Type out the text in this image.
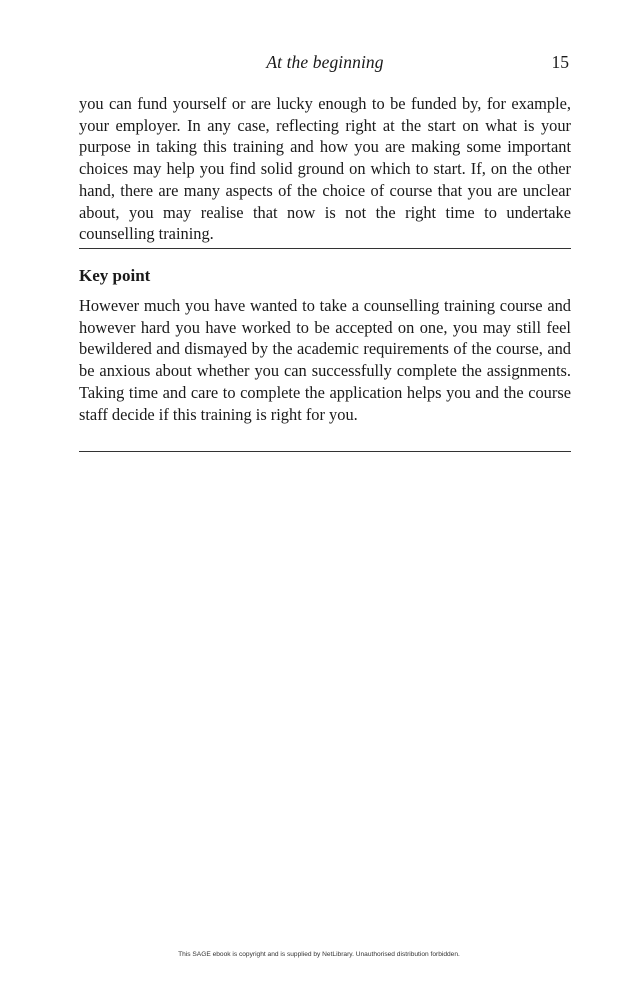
At the beginning	15

you can fund yourself or are lucky enough to be funded by, for example, your employer. In any case, reflecting right at the start on what is your purpose in taking this training and how you are making some important choices may help you find solid ground on which to start. If, on the other hand, there are many aspects of the choice of course that you are unclear about, you may realise that now is not the right time to undertake counselling training.

Key point

However much you have wanted to take a counselling training course and however hard you have worked to be accepted on one, you may still feel bewildered and dismayed by the academic requirements of the course, and be anxious about whether you can successfully complete the assignments. Taking time and care to complete the application helps you and the course staff decide if this training is right for you.

This SAGE ebook is copyright and is supplied by NetLibrary. Unauthorised distribution forbidden.
